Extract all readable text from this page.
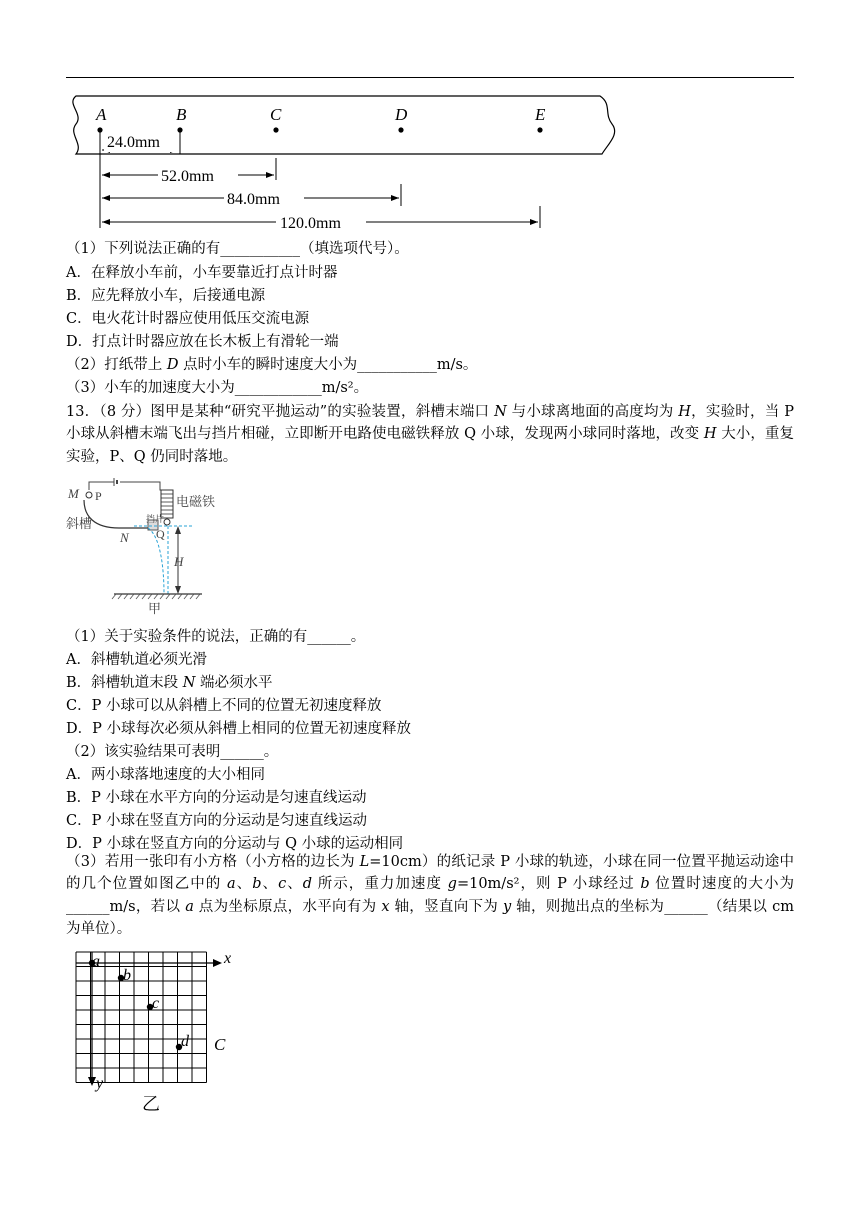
A	B	C	D	E
24.0mm
52.0mm
84.0mm
120.0mm
（1）下列说法正确的有___________（填选项代号）。
A．在释放小车前，小车要靠近打点计时器
B．应先释放小车，后接通电源
C．电火花计时器应使用低压交流电源
D．打点计时器应放在长木板上有滑轮一端
（2）打纸带上 D 点时小车的瞬时速度大小为___________m/s。
（3）小车的加速度大小为____________m/s²。
13．（8 分）图甲是某种“研究平抛运动”的实验装置，斜槽末端口 N 与小球离地面的高度均为 H，实验时，当 P 小球从斜槽末端飞出与挡片相碰，立即断开电路使电磁铁释放 Q 小球，发现两小球同时落地，改变 H 大小，重复实验，P、Q 仍同时落地。
M P	电磁铁
斜槽	挡片
N Q
H
甲
（1）关于实验条件的说法，正确的有______。
A．斜槽轨道必须光滑
B．斜槽轨道末段 N 端必须水平
C．P 小球可以从斜槽上不同的位置无初速度释放
D．P 小球每次必须从斜槽上相同的位置无初速度释放
（2）该实验结果可表明______。
A．两小球落地速度的大小相同
B．P 小球在水平方向的分运动是匀速直线运动
C．P 小球在竖直方向的分运动是匀速直线运动
D．P 小球在竖直方向的分运动与 Q 小球的运动相同
（3）若用一张印有小方格（小方格的边长为 L=10cm）的纸记录 P 小球的轨迹，小球在同一位置平抛运动途中的几个位置如图乙中的 a、b、c、d 所示，重力加速度 g=10m/s²，则 P 小球经过 b 位置时速度的大小为______m/s，若以 a 点为坐标原点，水平向有为 x 轴，竖直向下为 y 轴，则抛出点的坐标为______（结果以 cm 为单位）。
x
y
a
b
c
d C
乙
